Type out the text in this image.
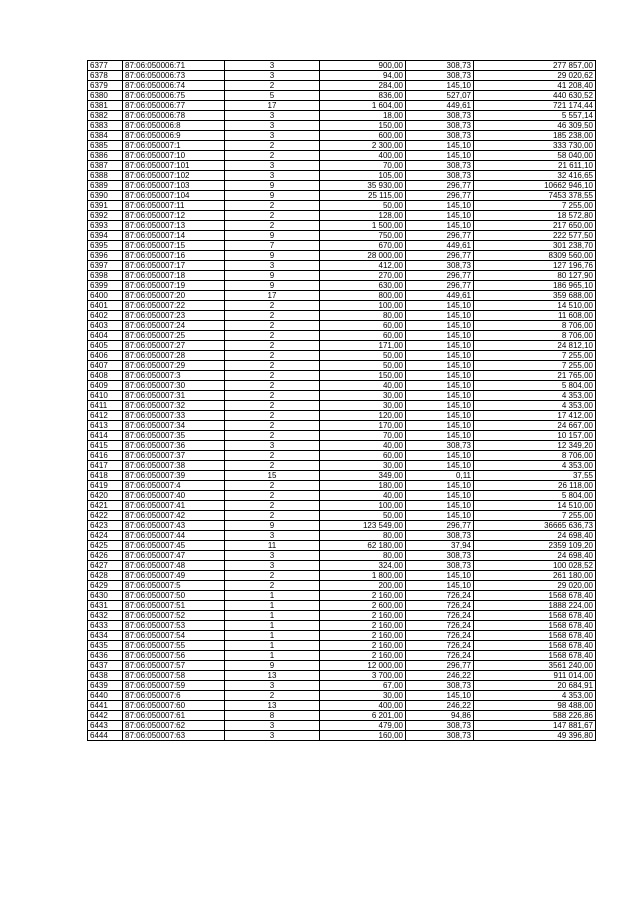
6377	87:06:050006:71	3	900,00	308,73	277 857,00
6378	87:06:050006:73	3	94,00	308,73	29 020,62
6379	87:06:050006:74	2	284,00	145,10	41 208,40
6380	87:06:050006:75	5	836,00	527,07	440 630,52
6381	87:06:050006:77	17	1 604,00	449,61	721 174,44
6382	87:06:050006:78	3	18,00	308,73	5 557,14
6383	87:06:050006:8	3	150,00	308,73	46 309,50
6384	87:06:050006:9	3	600,00	308,73	185 238,00
6385	87:06:050007:1	2	2 300,00	145,10	333 730,00
6386	87:06:050007:10	2	400,00	145,10	58 040,00
6387	87:06:050007:101	3	70,00	308,73	21 611,10
6388	87:06:050007:102	3	105,00	308,73	32 416,65
6389	87:06:050007:103	9	35 930,00	296,77	10662 946,10
6390	87:06:050007:104	9	25 115,00	296,77	7453 378,55
6391	87:06:050007:11	2	50,00	145,10	7 255,00
6392	87:06:050007:12	2	128,00	145,10	18 572,80
6393	87:06:050007:13	2	1 500,00	145,10	217 650,00
6394	87:06:050007:14	9	750,00	296,77	222 577,50
6395	87:06:050007:15	7	670,00	449,61	301 238,70
6396	87:06:050007:16	9	28 000,00	296,77	8309 560,00
6397	87:06:050007:17	3	412,00	308,73	127 196,76
6398	87:06:050007:18	9	270,00	296,77	80 127,90
6399	87:06:050007:19	9	630,00	296,77	186 965,10
6400	87:06:050007:20	17	800,00	449,61	359 688,00
6401	87:06:050007:22	2	100,00	145,10	14 510,00
6402	87:06:050007:23	2	80,00	145,10	11 608,00
6403	87:06:050007:24	2	60,00	145,10	8 706,00
6404	87:06:050007:25	2	60,00	145,10	8 706,00
6405	87:06:050007:27	2	171,00	145,10	24 812,10
6406	87:06:050007:28	2	50,00	145,10	7 255,00
6407	87:06:050007:29	2	50,00	145,10	7 255,00
6408	87:06:050007:3	2	150,00	145,10	21 765,00
6409	87:06:050007:30	2	40,00	145,10	5 804,00
6410	87:06:050007:31	2	30,00	145,10	4 353,00
6411	87:06:050007:32	2	30,00	145,10	4 353,00
6412	87:06:050007:33	2	120,00	145,10	17 412,00
6413	87:06:050007:34	2	170,00	145,10	24 667,00
6414	87:06:050007:35	2	70,00	145,10	10 157,00
6415	87:06:050007:36	3	40,00	308,73	12 349,20
6416	87:06:050007:37	2	60,00	145,10	8 706,00
6417	87:06:050007:38	2	30,00	145,10	4 353,00
6418	87:06:050007:39	15	349,00	0,11	37,55
6419	87:06:050007:4	2	180,00	145,10	26 118,00
6420	87:06:050007:40	2	40,00	145,10	5 804,00
6421	87:06:050007:41	2	100,00	145,10	14 510,00
6422	87:06:050007:42	2	50,00	145,10	7 255,00
6423	87:06:050007:43	9	123 549,00	296,77	36665 636,73
6424	87:06:050007:44	3	80,00	308,73	24 698,40
6425	87:06:050007:45	11	62 180,00	37,94	2359 109,20
6426	87:06:050007:47	3	80,00	308,73	24 698,40
6427	87:06:050007:48	3	324,00	308,73	100 028,52
6428	87:06:050007:49	2	1 800,00	145,10	261 180,00
6429	87:06:050007:5	2	200,00	145,10	29 020,00
6430	87:06:050007:50	1	2 160,00	726,24	1568 678,40
6431	87:06:050007:51	1	2 600,00	726,24	1888 224,00
6432	87:06:050007:52	1	2 160,00	726,24	1568 678,40
6433	87:06:050007:53	1	2 160,00	726,24	1568 678,40
6434	87:06:050007:54	1	2 160,00	726,24	1568 678,40
6435	87:06:050007:55	1	2 160,00	726,24	1568 678,40
6436	87:06:050007:56	1	2 160,00	726,24	1568 678,40
6437	87:06:050007:57	9	12 000,00	296,77	3561 240,00
6438	87:06:050007:58	13	3 700,00	246,22	911 014,00
6439	87:06:050007:59	3	67,00	308,73	20 684,91
6440	87:06:050007:6	2	30,00	145,10	4 353,00
6441	87:06:050007:60	13	400,00	246,22	98 488,00
6442	87:06:050007:61	8	6 201,00	94,86	588 226,86
6443	87:06:050007:62	3	479,00	308,73	147 881,67
6444	87:06:050007:63	3	160,00	308,73	49 396,80
